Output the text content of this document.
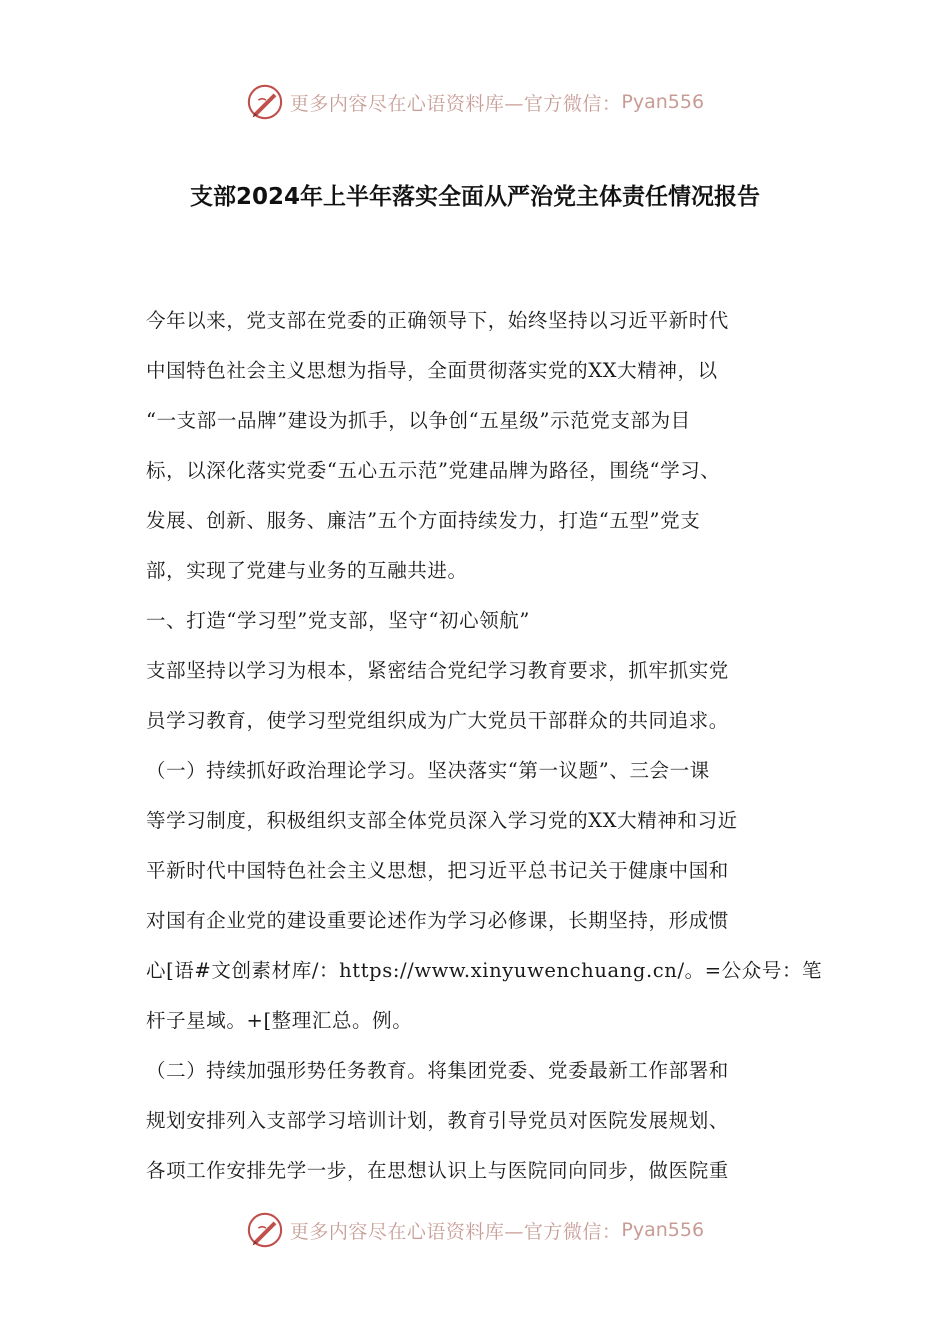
更多内容尽在心语资料库—官方微信： Pyan556
支部2024年上半年落实全面从严治党主体责任情况报告
今年以来，党支部在党委的正确领导下，始终坚持以习近平新时代
中国特色社会主义思想为指导，全面贯彻落实党的XX大精神，以
“一支部一品牌”建设为抓手，以争创“五星级”示范党支部为目
标，以深化落实党委“五心五示范”党建品牌为路径，围绕“学习、
发展、创新、服务、廉洁”五个方面持续发力，打造“五型”党支
部，实现了党建与业务的互融共进。
一、打造“学习型”党支部，坚守“初心领航”
支部坚持以学习为根本，紧密结合党纪学习教育要求，抓牢抓实党
员学习教育，使学习型党组织成为广大党员干部群众的共同追求。
（一）持续抓好政治理论学习。坚决落实“第一议题”、三会一课
等学习制度，积极组织支部全体党员深入学习党的XX大精神和习近
平新时代中国特色社会主义思想，把习近平总书记关于健康中国和
对国有企业党的建设重要论述作为学习必修课，长期坚持，形成惯
心[语#文创素材库/：https://www.xinyuwenchuang.cn/。=公众号：笔
杆子星域。+[整理汇总。例。
（二）持续加强形势任务教育。将集团党委、党委最新工作部署和
规划安排列入支部学习培训计划，教育引导党员对医院发展规划、
各项工作安排先学一步，在思想认识上与医院同向同步，做医院重
更多内容尽在心语资料库—官方微信： Pyan556
